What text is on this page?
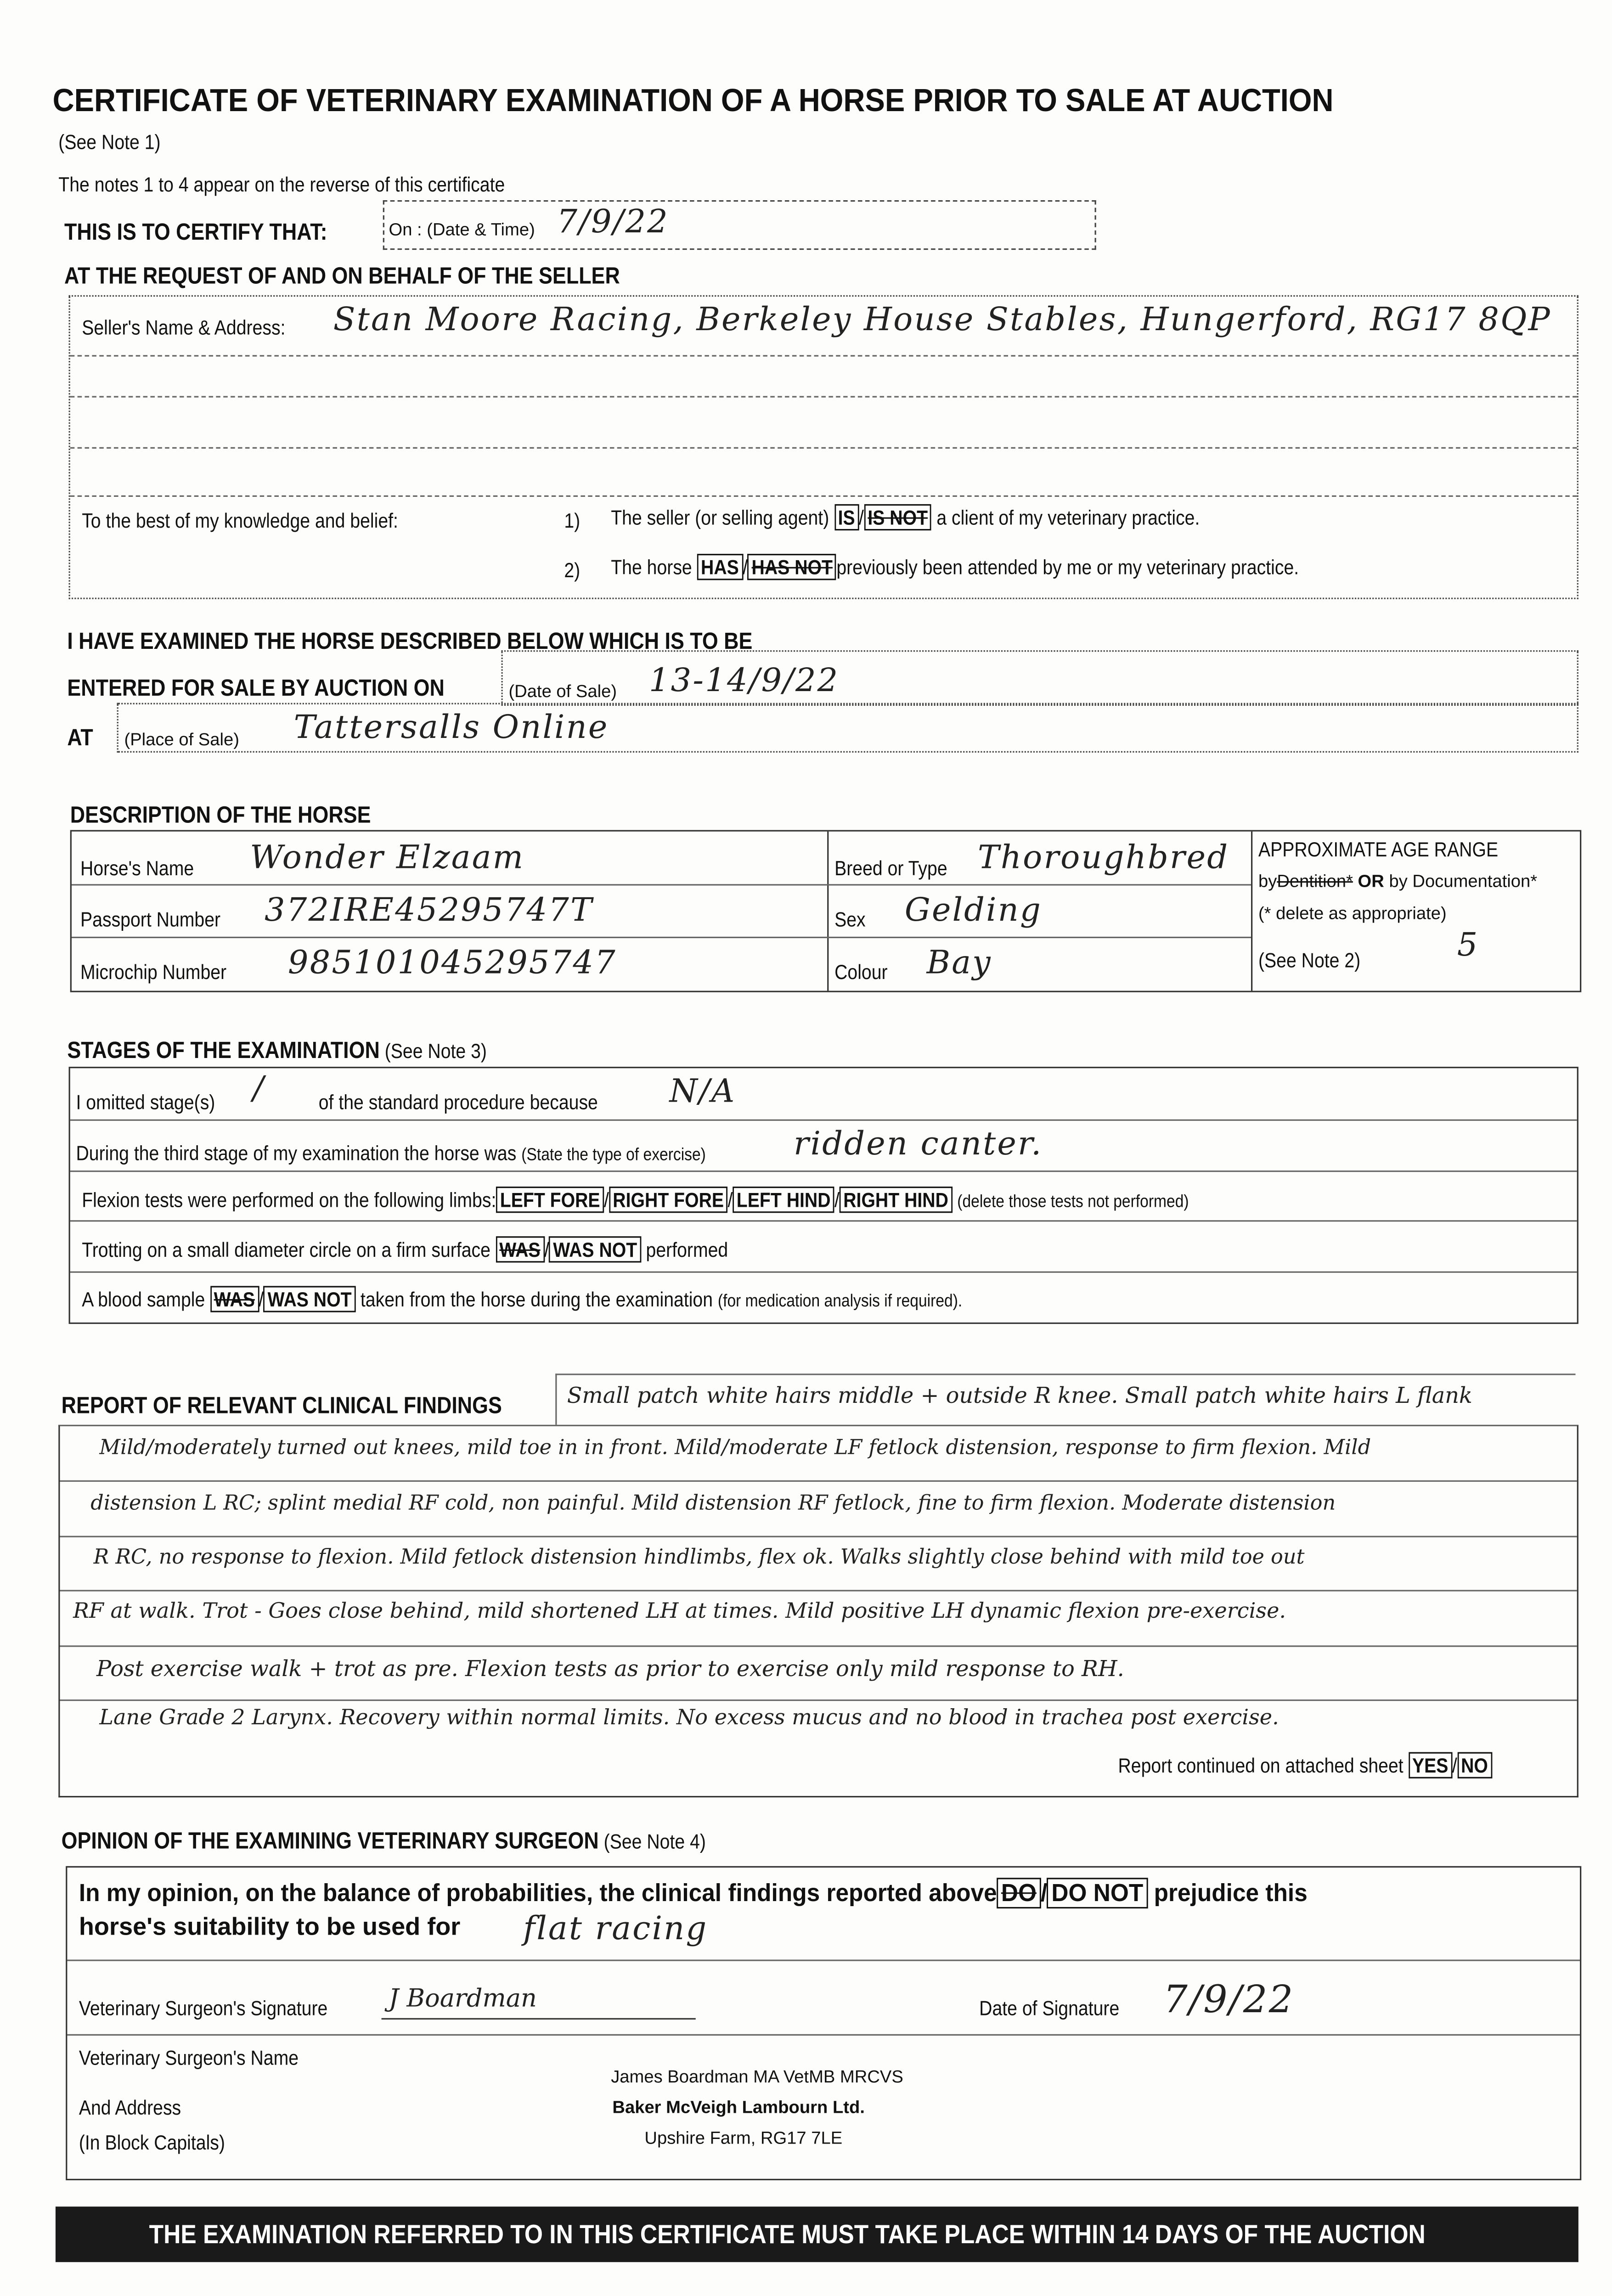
CERTIFICATE OF VETERINARY EXAMINATION OF A HORSE PRIOR TO SALE AT AUCTION
(See Note 1)
The notes 1 to 4 appear on the reverse of this certificate
THIS IS TO CERTIFY THAT:	On : (Date & Time) 7/9/22
AT THE REQUEST OF AND ON BEHALF OF THE SELLER
Seller's Name & Address:	Stan Moore Racing, Berkeley House Stables, Hungerford, RG17 8QP
To the best of my knowledge and belief:	1)	The seller (or selling agent) IS / IS NOT a client of my veterinary practice.
2)	The horse HAS / HAS NOT previously been attended by me or my veterinary practice.
I HAVE EXAMINED THE HORSE DESCRIBED BELOW WHICH IS TO BE
ENTERED FOR SALE BY AUCTION ON	(Date of Sale)	13-14/9/22
AT	(Place of Sale)	Tattersalls Online
DESCRIPTION OF THE HORSE
Horse's Name	Wonder Elzaam
Passport Number	372IRE45295747T
Microchip Number	985101045295747
Breed or Type	Thoroughbred
Sex	Gelding
Colour	Bay
APPROXIMATE AGE RANGE
byDentition* OR by Documentation*
(* delete as appropriate)
(See Note 2)	5
STAGES OF THE EXAMINATION (See Note 3)
I omitted stage(s)	/	of the standard procedure because	N/A
During the third stage of my examination the horse was (State the type of exercise)	ridden canter.
Flexion tests were performed on the following limbs: LEFT FORE / RIGHT FORE / LEFT HIND / RIGHT HIND (delete those tests not performed)
Trotting on a small diameter circle on a firm surface WAS / WAS NOT performed
A blood sample WAS / WAS NOT taken from the horse during the examination (for medication analysis if required).
REPORT OF RELEVANT CLINICAL FINDINGS
Report continued on attached sheet YES / NO
Small patch white hairs middle + outside R knee. Small patch white hairs L flank
Mild/moderately turned out knees, mild toe in in front. Mild/moderate LF fetlock distension, response to firm flexion. Mild
distension L RC; splint medial RF cold, non painful. Mild distension RF fetlock, fine to firm flexion. Moderate distension
R RC, no response to flexion. Mild fetlock distension hindlimbs, flex ok. Walks slightly close behind with mild toe out
RF at walk. Trot - Goes close behind, mild shortened LH at times. Mild positive LH dynamic flexion pre-exercise.
Post exercise walk + trot as pre. Flexion tests as prior to exercise only mild response to RH.
Lane Grade 2 Larynx. Recovery within normal limits. No excess mucus and no blood in trachea post exercise.
OPINION OF THE EXAMINING VETERINARY SURGEON (See Note 4)
In my opinion, on the balance of probabilities, the clinical findings reported above DO / DO NOT prejudice this
horse's suitability to be used for	flat racing
Veterinary Surgeon's Signature	J Boardman	Date of Signature	7/9/22
Veterinary Surgeon's Name
And Address
(In Block Capitals)
James Boardman MA VetMB MRCVS
Baker McVeigh Lambourn Ltd.
Upshire Farm, RG17 7LE
THE EXAMINATION REFERRED TO IN THIS CERTIFICATE MUST TAKE PLACE WITHIN 14 DAYS OF THE AUCTION
